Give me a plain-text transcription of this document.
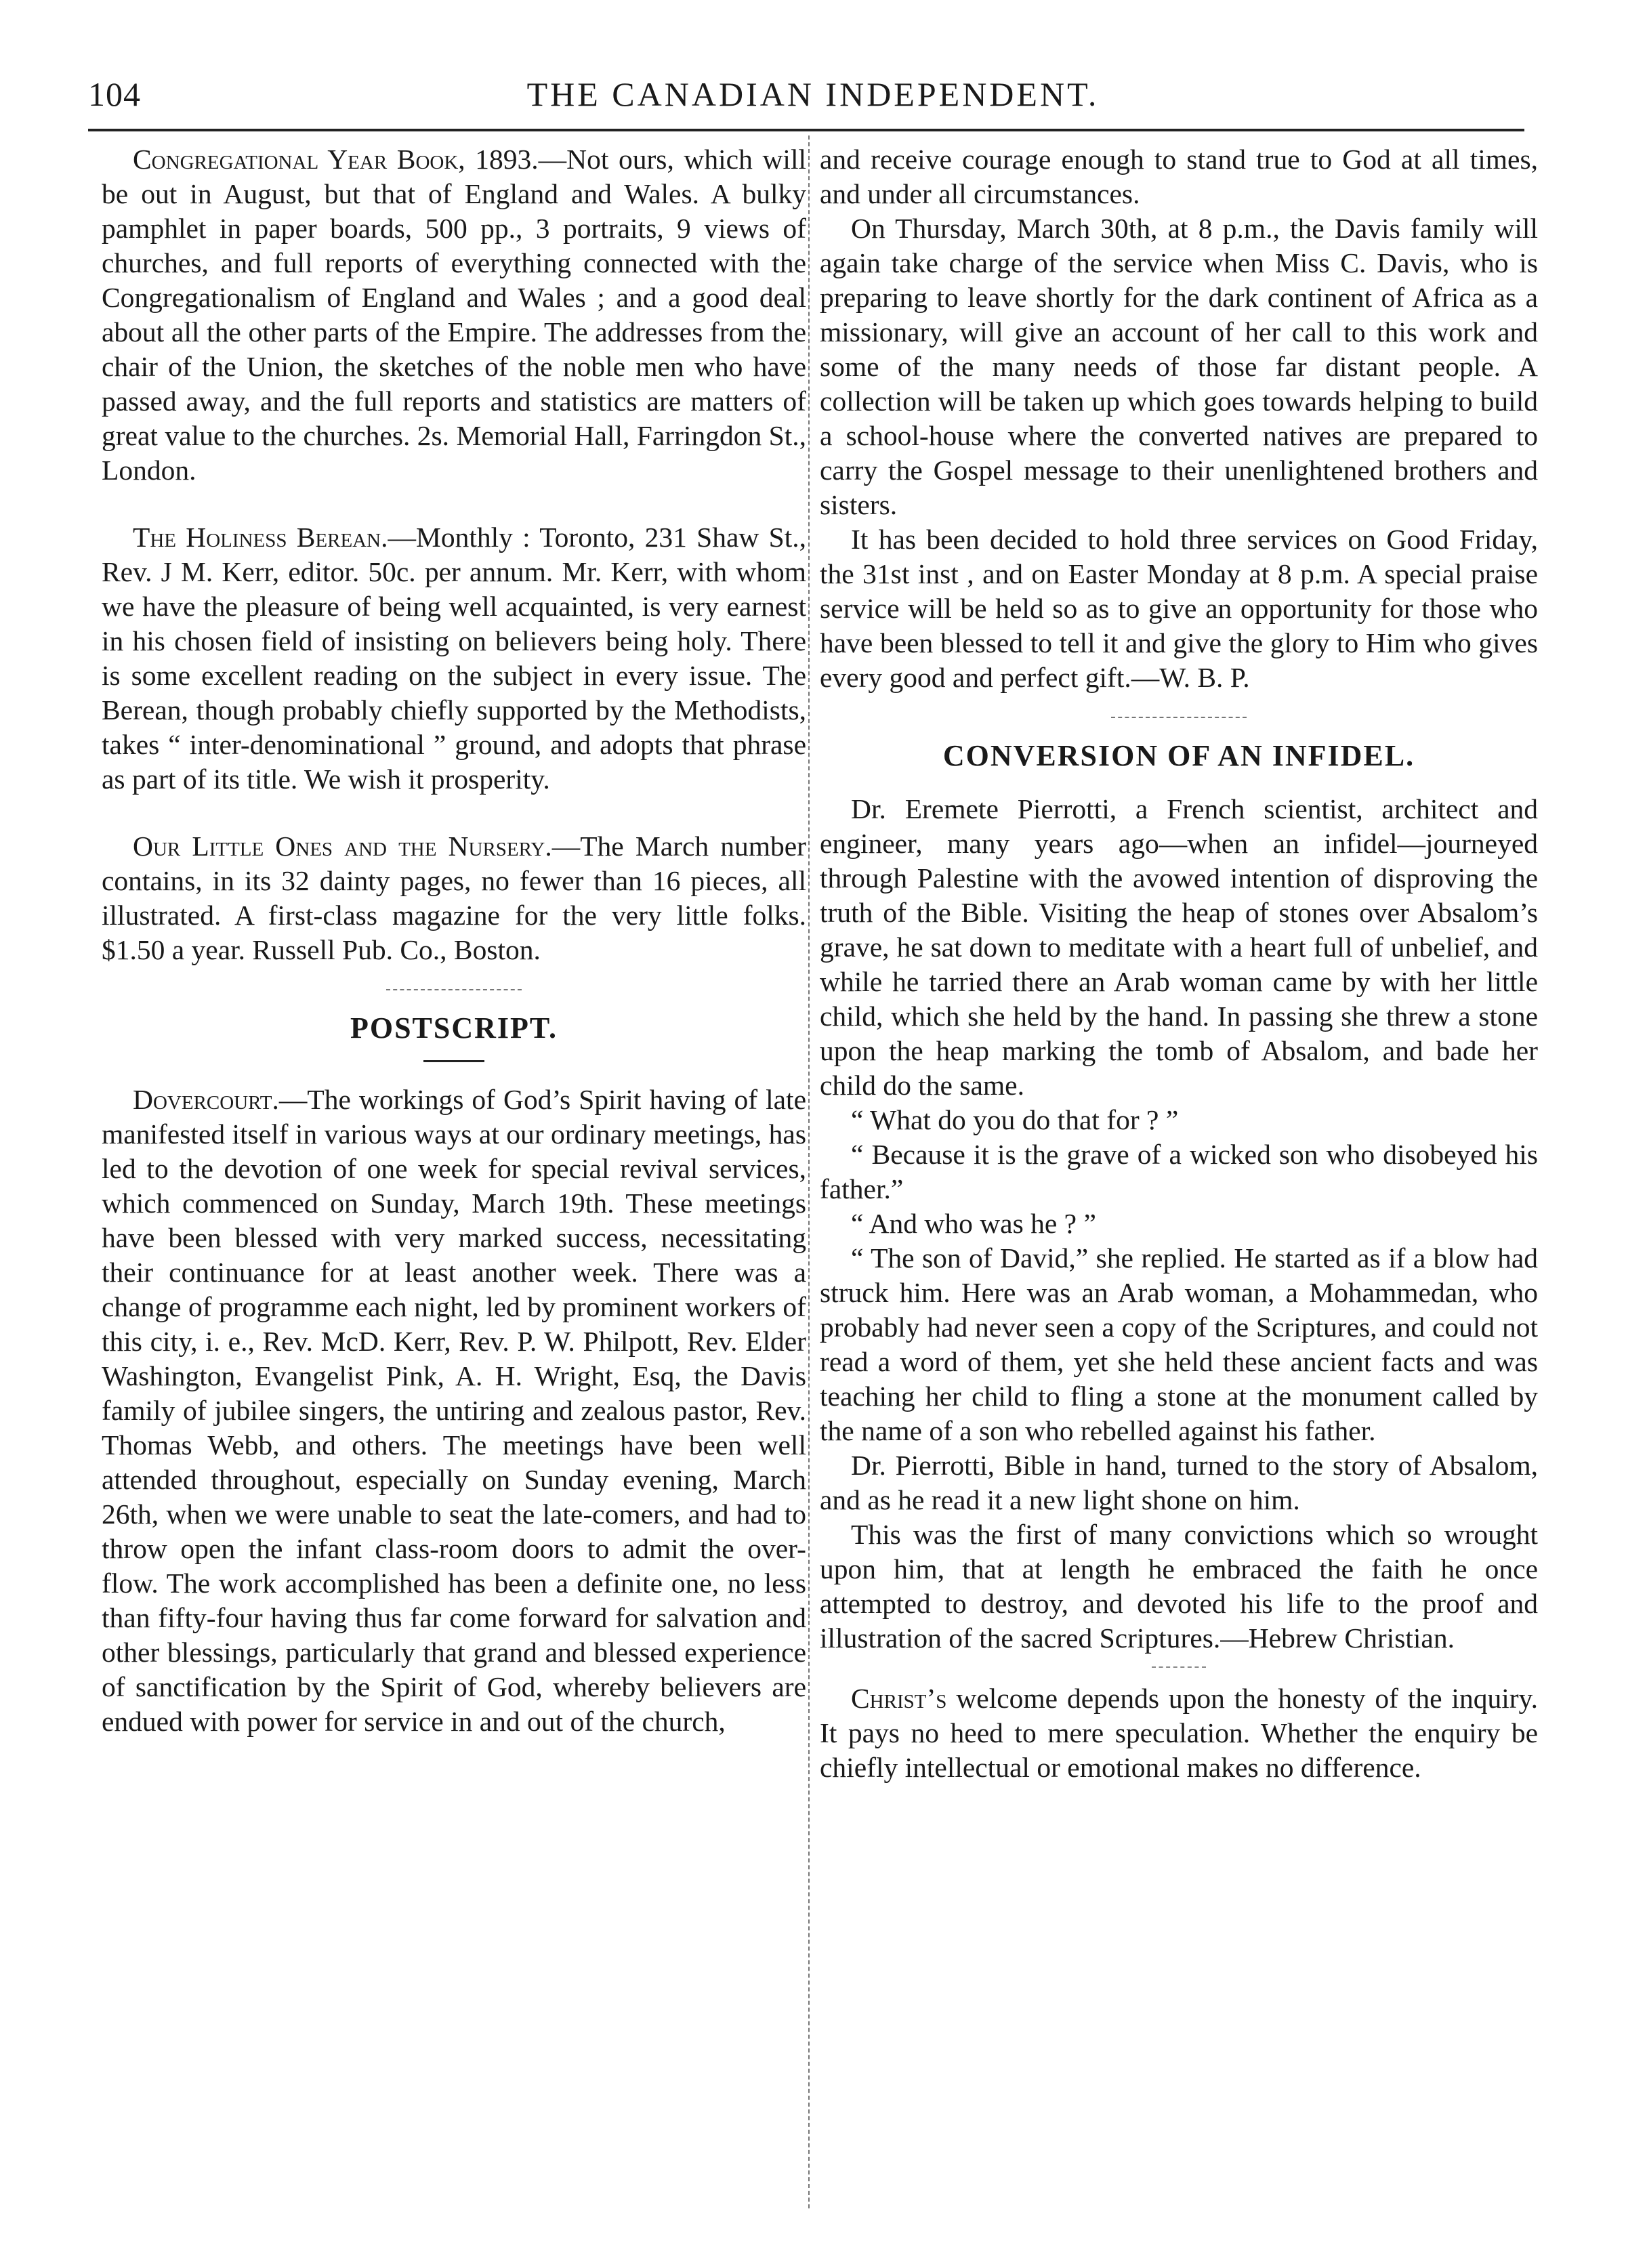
104	THE CANADIAN INDEPENDENT.

Congregational Year Book, 1893.—Not ours, which will be out in August, but that of England and Wales. A bulky pamphlet in paper boards, 500 pp., 3 portraits, 9 views of churches, and full reports of everything connected with the Congregationalism of England and Wales ; and a good deal about all the other parts of the Empire. The addresses from the chair of the Union, the sketches of the noble men who have passed away, and the full reports and statistics are matters of great value to the churches. 2s. Memorial Hall, Farringdon St., London.

The Holiness Berean.—Monthly : Toronto, 231 Shaw St., Rev. J M. Kerr, editor. 50c. per annum. Mr. Kerr, with whom we have the pleasure of being well acquainted, is very earnest in his chosen field of insisting on believers being holy. There is some excellent reading on the subject in every issue. The Berean, though probably chiefly supported by the Methodists, takes “ inter-denominational ” ground, and adopts that phrase as part of its title. We wish it prosperity.

Our Little Ones and the Nursery.—The March number contains, in its 32 dainty pages, no fewer than 16 pieces, all illustrated. A first-class magazine for the very little folks. $1.50 a year. Russell Pub. Co., Boston.

POSTSCRIPT.

Dovercourt.—The workings of God’s Spirit having of late manifested itself in various ways at our ordinary meetings, has led to the devotion of one week for special revival services, which commenced on Sunday, March 19th. These meetings have been blessed with very marked success, necessitating their continuance for at least another week. There was a change of programme each night, led by prominent workers of this city, i. e., Rev. McD. Kerr, Rev. P. W. Philpott, Rev. Elder Washington, Evangelist Pink, A. H. Wright, Esq, the Davis family of jubilee singers, the untiring and zealous pastor, Rev. Thomas Webb, and others. The meetings have been well attended throughout, especially on Sunday evening, March 26th, when we were unable to seat the late-comers, and had to throw open the infant class-room doors to admit the over-flow. The work accomplished has been a definite one, no less than fifty-four having thus far come forward for salvation and other blessings, particularly that grand and blessed experience of sanctification by the Spirit of God, whereby believers are endued with power for service in and out of the church,

and receive courage enough to stand true to God at all times, and under all circumstances.

On Thursday, March 30th, at 8 p.m., the Davis family will again take charge of the service when Miss C. Davis, who is preparing to leave shortly for the dark continent of Africa as a missionary, will give an account of her call to this work and some of the many needs of those far distant people. A collection will be taken up which goes towards helping to build a school-house where the converted natives are prepared to carry the Gospel message to their unenlightened brothers and sisters.

It has been decided to hold three services on Good Friday, the 31st inst , and on Easter Monday at 8 p.m. A special praise service will be held so as to give an opportunity for those who have been blessed to tell it and give the glory to Him who gives every good and perfect gift.—W. B. P.

CONVERSION OF AN INFIDEL.

Dr. Eremete Pierrotti, a French scientist, architect and engineer, many years ago—when an infidel—journeyed through Palestine with the avowed intention of disproving the truth of the Bible. Visiting the heap of stones over Absalom’s grave, he sat down to meditate with a heart full of unbelief, and while he tarried there an Arab woman came by with her little child, which she held by the hand. In passing she threw a stone upon the heap marking the tomb of Absalom, and bade her child do the same.

“ What do you do that for ? ”

“ Because it is the grave of a wicked son who disobeyed his father.”

“ And who was he ? ”

“ The son of David,” she replied. He started as if a blow had struck him. Here was an Arab woman, a Mohammedan, who probably had never seen a copy of the Scriptures, and could not read a word of them, yet she held these ancient facts and was teaching her child to fling a stone at the monument called by the name of a son who rebelled against his father.

Dr. Pierrotti, Bible in hand, turned to the story of Absalom, and as he read it a new light shone on him.

This was the first of many convictions which so wrought upon him, that at length he embraced the faith he once attempted to destroy, and devoted his life to the proof and illustration of the sacred Scriptures.—Hebrew Christian.

Christ’s welcome depends upon the honesty of the inquiry. It pays no heed to mere speculation. Whether the enquiry be chiefly intellectual or emotional makes no difference.
